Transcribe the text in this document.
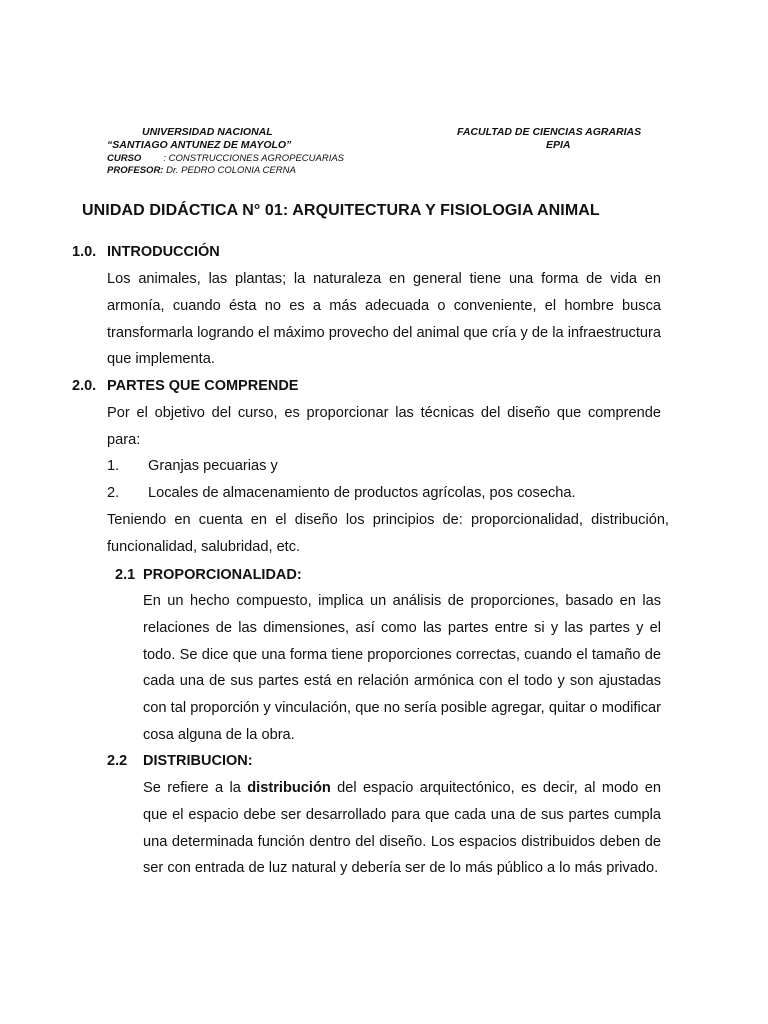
UNIVERSIDAD NACIONAL
“SANTIAGO ANTUNEZ DE MAYOLO”
CURSO : CONSTRUCCIONES AGROPECUARIAS
PROFESOR: Dr. PEDRO COLONIA CERNA
FACULTAD DE CIENCIAS AGRARIAS
EPIA
UNIDAD DIDÁCTICA N° 01: ARQUITECTURA Y FISIOLOGIA ANIMAL
1.0. INTRODUCCIÓN
Los animales, las plantas; la naturaleza en general tiene una forma de vida en armonía, cuando ésta no es a más adecuada o conveniente, el hombre busca transformarla logrando el máximo provecho del animal que cría y de la infraestructura que implementa.
2.0. PARTES QUE COMPRENDE
Por el objetivo del curso, es proporcionar las técnicas del diseño que comprende para:
1. Granjas pecuarias y
2. Locales de almacenamiento de productos agrícolas, pos cosecha.
Teniendo en cuenta en el diseño los principios de: proporcionalidad, distribución, funcionalidad, salubridad, etc.
2.1 PROPORCIONALIDAD:
En un hecho compuesto, implica un análisis de proporciones, basado en las relaciones de las dimensiones, así como las partes entre si y las partes y el todo. Se dice que una forma tiene proporciones correctas, cuando el tamaño de cada una de sus partes está en relación armónica con el todo y son ajustadas con tal proporción y vinculación, que no sería posible agregar, quitar o modificar cosa alguna de la obra.
2.2 DISTRIBUCION:
Se refiere a la distribución del espacio arquitectónico, es decir, al modo en que el espacio debe ser desarrollado para que cada una de sus partes cumpla una determinada función dentro del diseño. Los espacios distribuidos deben de ser con entrada de luz natural y debería ser de lo más público a lo más privado.
